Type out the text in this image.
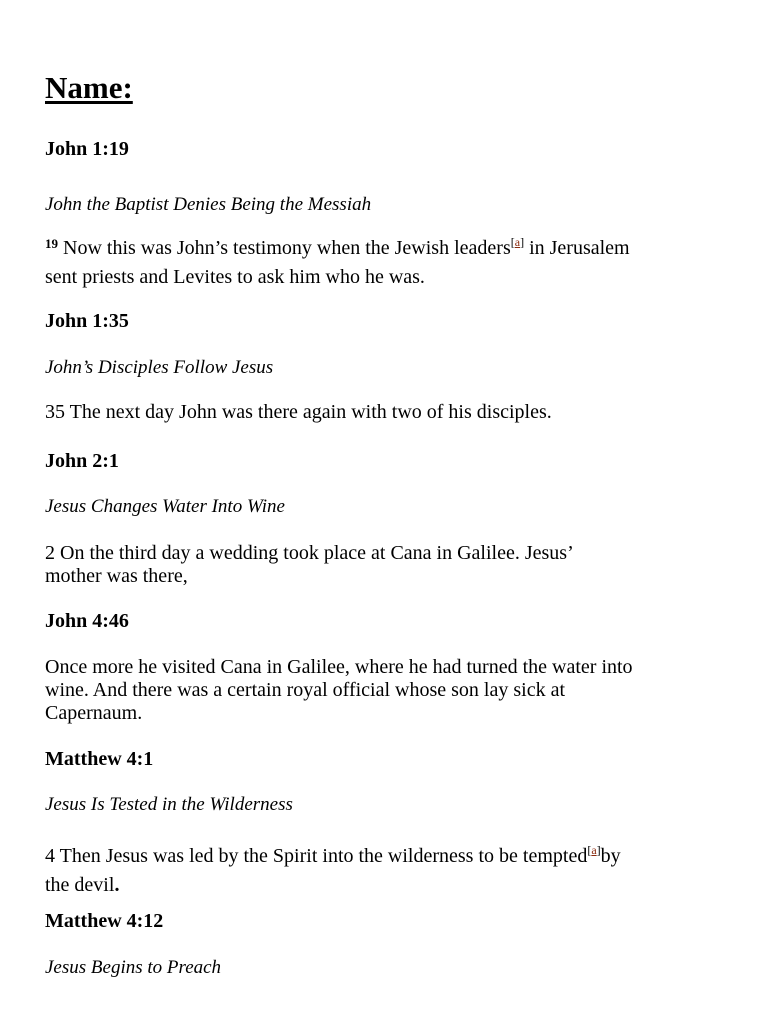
Name:

John 1:19

John the Baptist Denies Being the Messiah

$^{19}$ Now this was John’s testimony when the Jewish leaders[a] in Jerusalem
sent priests and Levites to ask him who he was.

John 1:35

John’s Disciples Follow Jesus

35 The next day John was there again with two of his disciples.

John 2:1

Jesus Changes Water Into Wine

2 On the third day a wedding took place at Cana in Galilee. Jesus’
mother was there,

John 4:46

Once more he visited Cana in Galilee, where he had turned the water into
wine. And there was a certain royal official whose son lay sick at
Capernaum.

Matthew 4:1

Jesus Is Tested in the Wilderness

4 Then Jesus was led by the Spirit into the wilderness to be tempted[a]by
the devil.

Matthew 4:12

Jesus Begins to Preach
